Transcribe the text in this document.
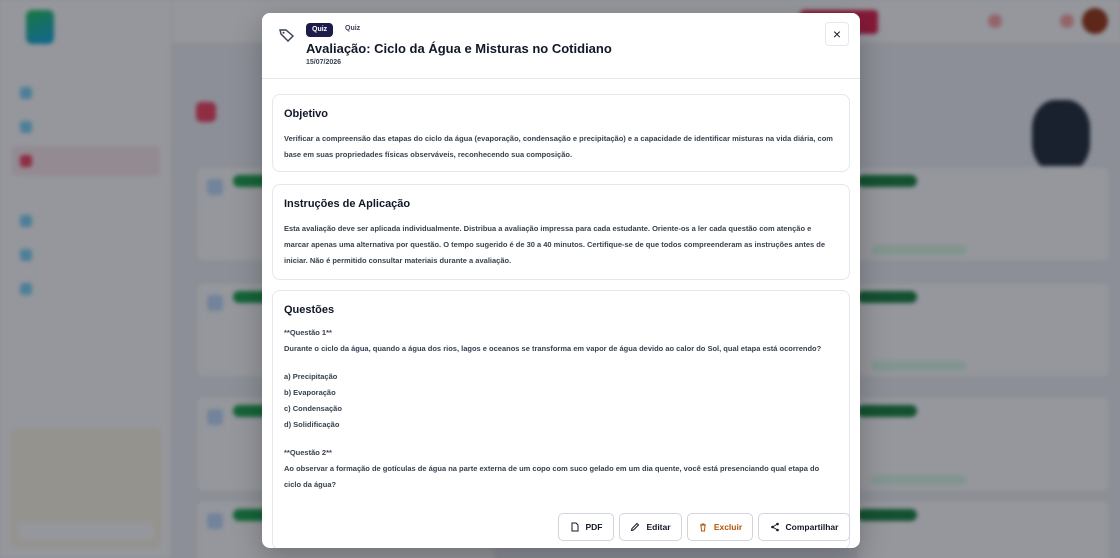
Quiz	Quiz
Avaliação: Ciclo da Água e Misturas no Cotidiano
15/07/2026
×
Objetivo

Verificar a compreensão das etapas do ciclo da água (evaporação, condensação e precipitação) e a capacidade de identificar misturas na vida diária, com base em suas propriedades físicas observáveis, reconhecendo sua composição.

Instruções de Aplicação

Esta avaliação deve ser aplicada individualmente. Distribua a avaliação impressa para cada estudante. Oriente-os a ler cada questão com atenção e marcar apenas uma alternativa por questão. O tempo sugerido é de 30 a 40 minutos. Certifique-se de que todos compreenderam as instruções antes de iniciar. Não é permitido consultar materiais durante a avaliação.

Questões
**Questão 1**
Durante o ciclo da água, quando a água dos rios, lagos e oceanos se transforma em vapor de água devido ao calor do Sol, qual etapa está ocorrendo?
a) Precipitação
b) Evaporação
c) Condensação
d) Solidificação
**Questão 2**
Ao observar a formação de gotículas de água na parte externa de um copo com suco gelado em um dia quente, você está presenciando qual etapa do ciclo da água?
PDF	Editar	Excluir	Compartilhar
